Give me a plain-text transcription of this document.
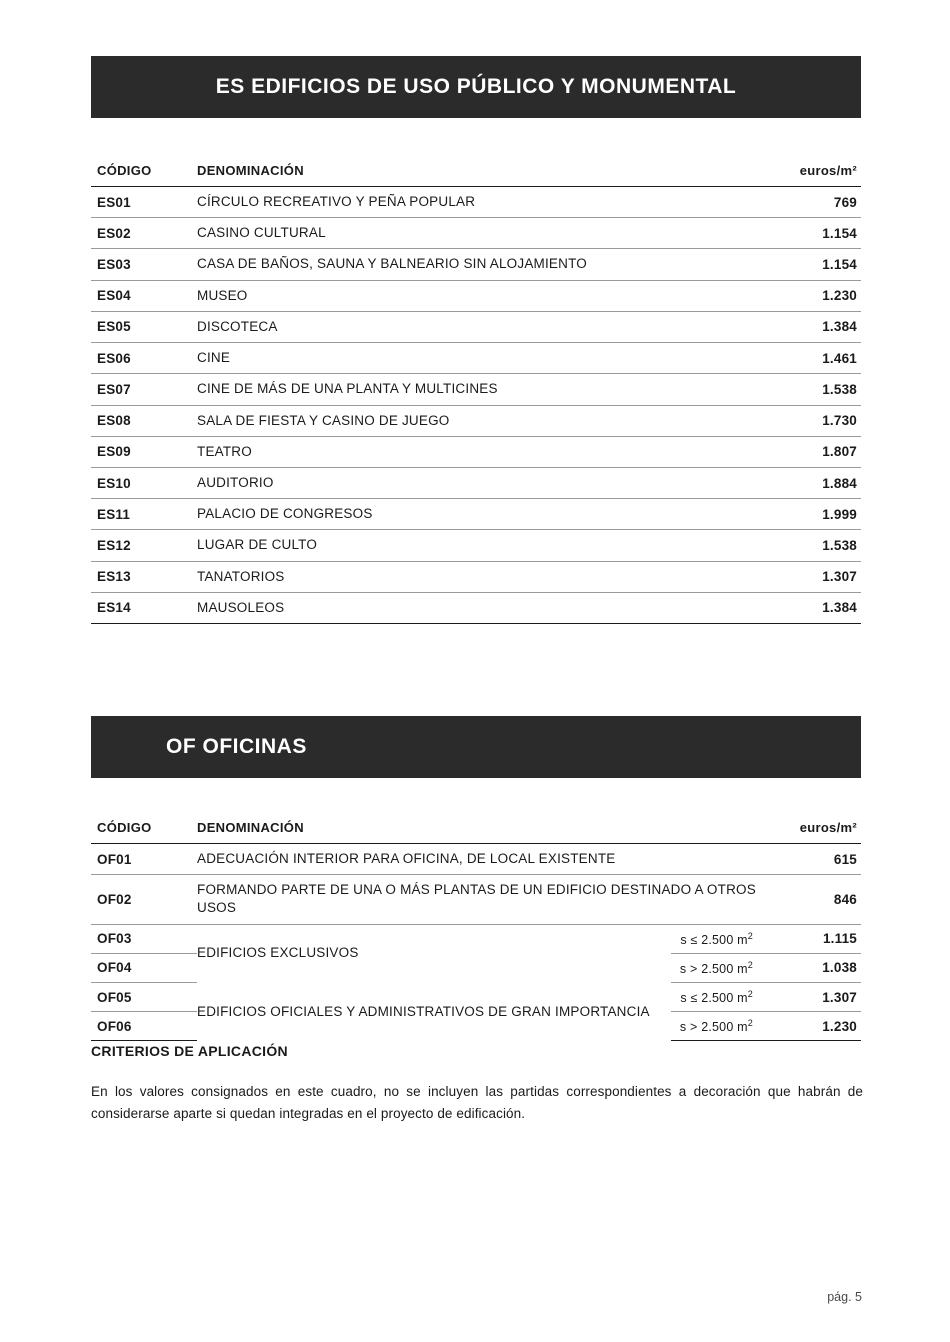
ES EDIFICIOS DE USO PÚBLICO Y MONUMENTAL
CÓDIGO	DENOMINACIÓN	euros/m²
ES01	CÍRCULO RECREATIVO Y PEÑA POPULAR	769
ES02	CASINO CULTURAL	1.154
ES03	CASA DE BAÑOS, SAUNA Y BALNEARIO SIN ALOJAMIENTO	1.154
ES04	MUSEO	1.230
ES05	DISCOTECA	1.384
ES06	CINE	1.461
ES07	CINE DE MÁS DE UNA PLANTA Y MULTICINES	1.538
ES08	SALA DE FIESTA Y CASINO DE JUEGO	1.730
ES09	TEATRO	1.807
ES10	AUDITORIO	1.884
ES11	PALACIO DE CONGRESOS	1.999
ES12	LUGAR DE CULTO	1.538
ES13	TANATORIOS	1.307
ES14	MAUSOLEOS	1.384
OF OFICINAS
CÓDIGO	DENOMINACIÓN		euros/m²
OF01	ADECUACIÓN INTERIOR PARA OFICINA, DE LOCAL EXISTENTE		615
OF02	FORMANDO PARTE DE UNA O MÁS PLANTAS DE UN EDIFICIO DESTINADO A OTROS USOS		846
OF03	EDIFICIOS EXCLUSIVOS	s ≤ 2.500 $m^2$	1.115
OF04		s > 2.500 $m^2$	1.038
OF05	EDIFICIOS OFICIALES Y ADMINISTRATIVOS DE GRAN IMPORTANCIA	s ≤ 2.500 $m^2$	1.307
OF06		s > 2.500 $m^2$	1.230

CRITERIOS DE APLICACIÓN

En los valores consignados en este cuadro, no se incluyen las partidas correspondientes a decoración que habrán de considerarse aparte si quedan integradas en el proyecto de edificación.

pág. 5
